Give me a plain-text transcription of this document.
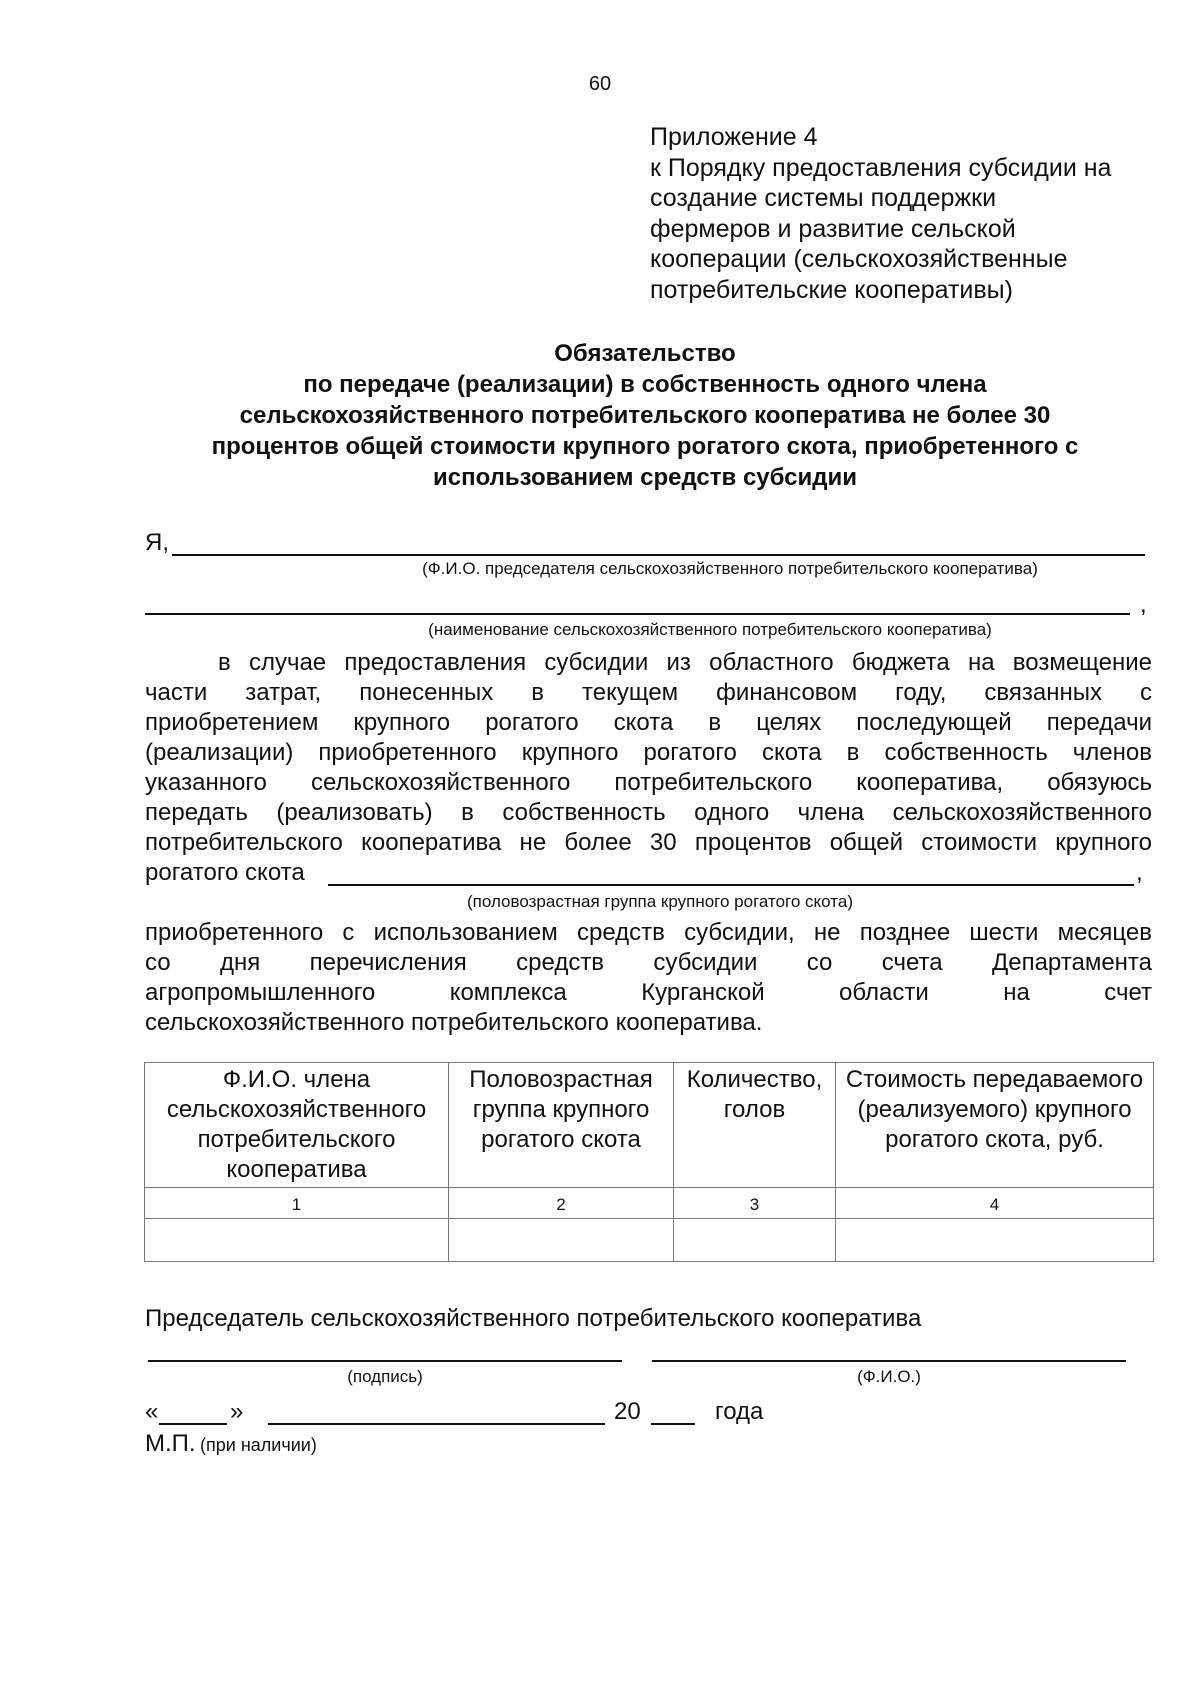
60
Приложение 4
к Порядку предоставления субсидии на
создание системы поддержки
фермеров и развитие сельской
кооперации (сельскохозяйственные
потребительские кооперативы)
Обязательство
по передаче (реализации) в собственность одного члена
сельскохозяйственного потребительского кооператива не более 30
процентов общей стоимости крупного рогатого скота, приобретенного с
использованием средств субсидии
Я,
(Ф.И.О. председателя сельскохозяйственного потребительского кооператива)
,
(наименование сельскохозяйственного потребительского кооператива)
в случае предоставления субсидии из областного бюджета на возмещение
части затрат, понесенных в текущем финансовом году, связанных с
приобретением крупного рогатого скота в целях последующей передачи
(реализации) приобретенного крупного рогатого скота в собственность членов
указанного сельскохозяйственного потребительского кооператива, обязуюсь
передать (реализовать) в собственность одного члена сельскохозяйственного
потребительского кооператива не более 30 процентов общей стоимости крупного
рогатого скота	,
(половозрастная группа крупного рогатого скота)
приобретенного с использованием средств субсидии, не позднее шести месяцев
со дня перечисления средств субсидии со счета Департамента
агропромышленного комплекса Курганской области на счет
сельскохозяйственного потребительского кооператива.
Ф.И.О. члена сельскохозяйственного потребительского кооператива	Половозрастная группа крупного рогатого скота	Количество, голов	Стоимость передаваемого (реализуемого) крупного рогатого скота, руб.
1	2	3	4

Председатель сельскохозяйственного потребительского кооператива
(подпись)	(Ф.И.О.)
«	»	20	года
М.П. (при наличии)
